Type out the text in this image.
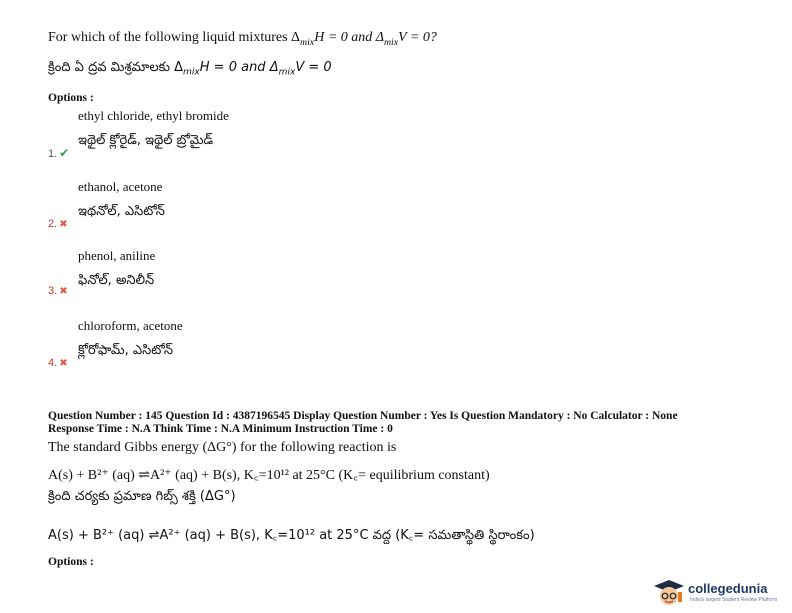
For which of the following liquid mixtures $\Delta_{mix}H = 0$ and $\Delta_{mix}V = 0$?
క్రింది ఏ ద్రవ మిశ్రమాలకు $\Delta_{mix}H = 0$ and $\Delta_{mix}V = 0$
Options :
ethyl chloride, ethyl bromide
ఇథైల్ క్లోరైడ్, ఇథైల్ బ్రోమైడ్
1. ✔
ethanol, acetone
ఇథనోల్, ఎసిటోన్
2. ✖
phenol, aniline
ఫినోల్, అనిలీన్
3. ✖
chloroform, acetone
క్లోరోఫామ్, ఎసిటోన్
4. ✖
Question Number : 145 Question Id : 4387196545 Display Question Number : Yes Is Question Mandatory : No Calculator : None
Response Time : N.A Think Time : N.A Minimum Instruction Time : 0
The standard Gibbs energy (ΔG°) for the following reaction is
A(s) + B²⁺ (aq) ⇌A²⁺ (aq) + B(s), K꜀=10¹² at 25°C (K꜀= equilibrium constant)
క్రింది చర్యకు ప్రమాణ గిబ్స్ శక్తి (ΔG°)
A(s) + B²⁺ (aq) ⇌A²⁺ (aq) + B(s), K꜀=10¹² at 25°C వద్ద (K꜀= సమతాస్థితి స్థిరాంకం)
Options :
collegedunia
India's largest Student Review Platform
